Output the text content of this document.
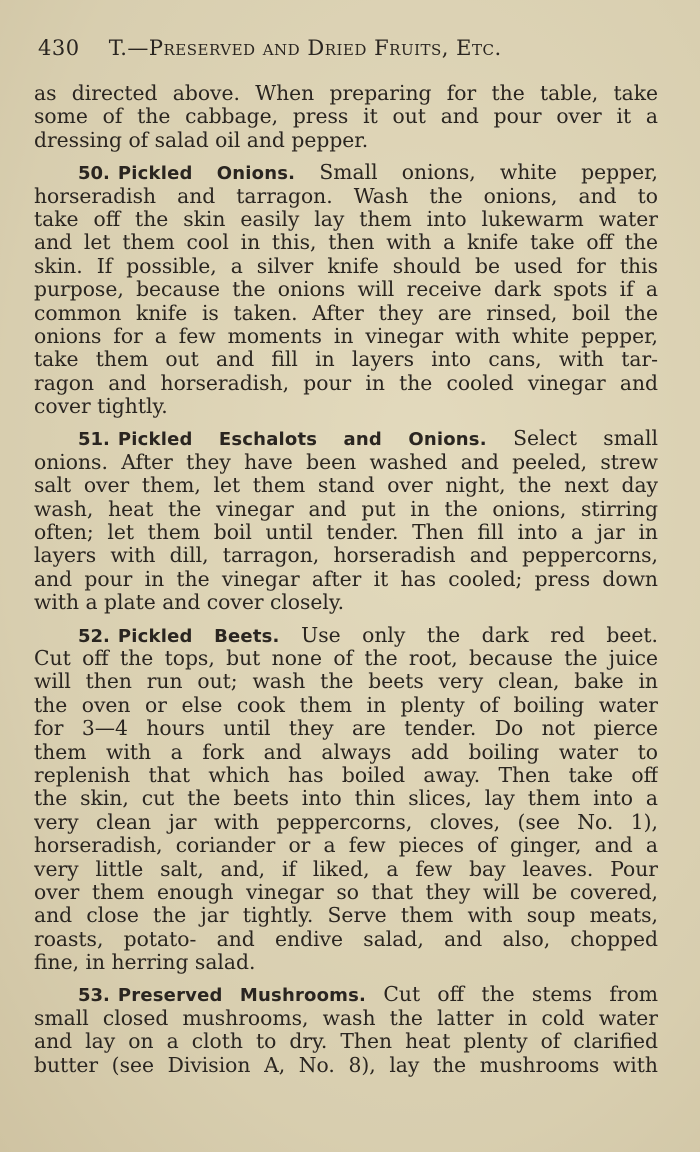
430 T.—Preserved and Dried Fruits, Etc.
as directed above. When preparing for the table, take
some of the cabbage, press it out and pour over it a
dressing of salad oil and pepper.
50. Pickled Onions. Small onions, white pepper,
horseradish and tarragon. Wash the onions, and to
take off the skin easily lay them into lukewarm water
and let them cool in this, then with a knife take off the
skin. If possible, a silver knife should be used for this
purpose, because the onions will receive dark spots if a
common knife is taken. After they are rinsed, boil the
onions for a few moments in vinegar with white pepper,
take them out and fill in layers into cans, with tar-
ragon and horseradish, pour in the cooled vinegar and
cover tightly.
51. Pickled Eschalots and Onions. Select small
onions. After they have been washed and peeled, strew
salt over them, let them stand over night, the next day
wash, heat the vinegar and put in the onions, stirring
often; let them boil until tender. Then fill into a jar in
layers with dill, tarragon, horseradish and peppercorns,
and pour in the vinegar after it has cooled; press down
with a plate and cover closely.
52. Pickled Beets. Use only the dark red beet.
Cut off the tops, but none of the root, because the juice
will then run out; wash the beets very clean, bake in
the oven or else cook them in plenty of boiling water
for 3—4 hours until they are tender. Do not pierce
them with a fork and always add boiling water to
replenish that which has boiled away. Then take off
the skin, cut the beets into thin slices, lay them into a
very clean jar with peppercorns, cloves, (see No. 1),
horseradish, coriander or a few pieces of ginger, and a
very little salt, and, if liked, a few bay leaves. Pour
over them enough vinegar so that they will be covered,
and close the jar tightly. Serve them with soup meats,
roasts, potato- and endive salad, and also, chopped
fine, in herring salad.
53. Preserved Mushrooms. Cut off the stems from
small closed mushrooms, wash the latter in cold water
and lay on a cloth to dry. Then heat plenty of clarified
butter (see Division A, No. 8), lay the mushrooms with
